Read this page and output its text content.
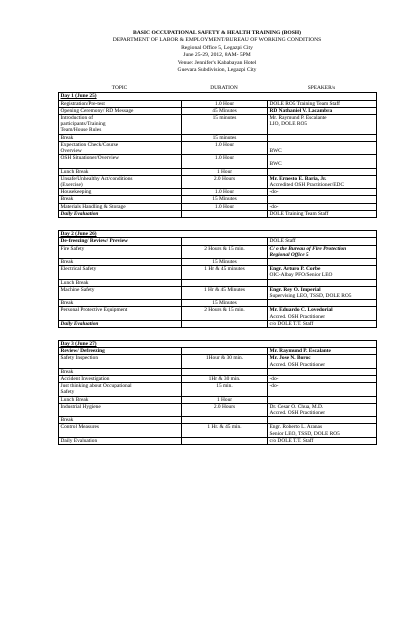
BASIC OCCUPATIONAL SAFETY & HEALTH TRAINING (BOSH)
DEPARTMENT OF LABOR & EMPLOYMENT/BUREAU OF WORKING CONDITIONS
Regional Office 5, Legazpi City
June 25-29, 2012, 8AM- 5PM
Venue: Jennifer's Kababayan Hotel
Guevara Subdivision, Legazpi City
TOPIC	DURATION	SPEAKER/s
Day 1 (June 25)		

Registration/Pre-test	1.0 Hour	DOLE RO5 Training Team Staff

Opening Ceremony/ RD Message	45 Minutes	RD Nathaniel V. Lacambra

Introduction of
participants/Training
Team/House Rules	15 minutes	Mr. Raymund P. Escalante
LIO, DOLE RO5

Break	15 minutes	

Expectation Check/Course
Overview	1.0 Hour	BWC

OSH Situationer/Overview	1.0 Hour	BWC

Lunch Break	1 Hour	

Unsafe/Unhealthy Act/conditions
(Exercise)	2.0 Hours	Mr. Ernesto E. Baria, Jr.
Accredited OSH Practitioner/EDC

Housekeeping	1.0 Hour	-do-

Break	15 Minutes	

Materials Handling & Storage	1.0 Hour	-do-

Daily Evaluation		DOLE Training Team Staff
Day 2 (June 26)		

De-freezing/ Review/ Preview		DOLE Staff

Fire Safety	2 Hours & 15 min.	C/ o the Bureau of Fire Protection
Regional Office 5

Break	15 Minutes	

Electrical Safety	1 Hr & 45 minutes	Engr. Arturo P. Corbe
OIC-Albay PFO/Senior LEO

Lunch Break		

Machine Safety	1 Hr & 45 Minutes	Engr. Rey O. Imperial
Supervising LEO, TSSD, DOLE RO5

Break	15 Minutes	

Personal Protective Equipment	2 Hours & 15 min.	Mr. Eduardo C. Lovedorial
Accred. OSH Practitioner

Daily Evaluation		c/o DOLE T.T. Staff
Day 3 (June 27)		

Review/ Defreezing		Mr. Raymund P. Escalante

Safety Inspection	1Hour & 30 min.	Mr. Jose N. Boroc
Accred. OSH Practitioner

Break		

Accident Investigation	1Hr & 30 min.	-do-

Just thinking about Occupational
Safety	15 min.	-do-

Lunch Break	1 Hour	

Industrial Hygiene	2.0 Hours	Dr. Cesar O. Chua, M.D.
Accred. OSH Practitioner

Break		

Control Measures	1 Hr. & 45 min.	Engr. Roberto L. Aranas
Senior LEO, TSSD, DOLE RO5

Daily Evaluation		c/o DOLE T.T. Staff
